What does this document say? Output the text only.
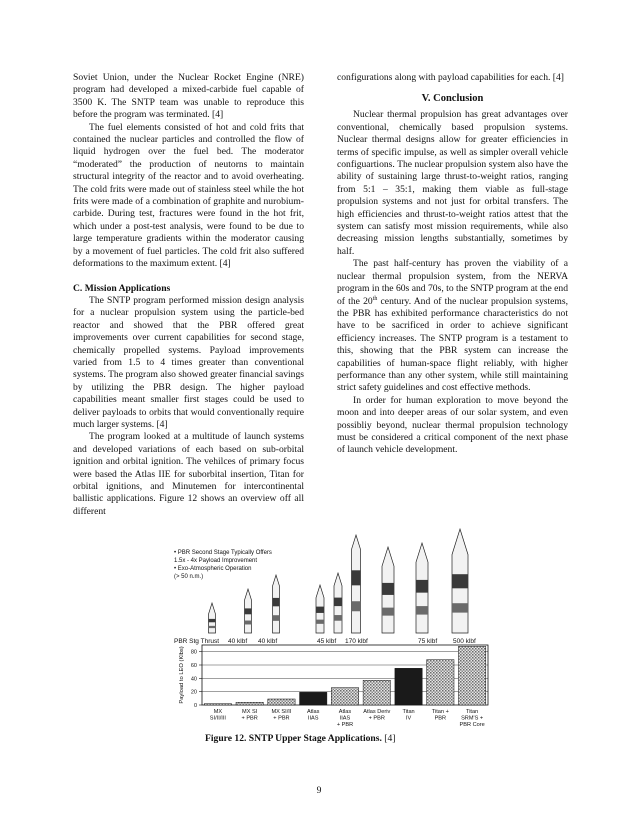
Soviet Union, under the Nuclear Rocket Engine (NRE) program had developed a mixed-carbide fuel capable of 3500 K. The SNTP team was unable to reproduce this before the program was terminated. [4]

The fuel elements consisted of hot and cold frits that contained the nuclear particles and controlled the flow of liquid hydrogen over the fuel bed. The moderator “moderated” the production of neutorns to maintain structural integrity of the reactor and to avoid overheating. The cold frits were made out of stainless steel while the hot frits were made of a combination of graphite and nurobium-carbide. During test, fractures were found in the hot frit, which under a post-test analysis, were found to be due to large temperature gradients within the moderator causing by a movement of fuel particles. The cold frit also suffered deformations to the maximum extent. [4]

C. Mission Applications

The SNTP program performed mission design analysis for a nuclear propulsion system using the particle-bed reactor and showed that the PBR offered great improvements over current capabilities for second stage, chemically propelled systems. Payload improvements varied from 1.5 to 4 times greater than conventional systems. The program also showed greater financial savings by utilizing the PBR design. The higher payload capabilities meant smaller first stages could be used to deliver payloads to orbits that would conventionally require much larger systems. [4]

The program looked at a multitude of launch systems and developed variations of each based on sub-orbital ignition and orbital ignition. The vehilces of primary focus were based the Atlas IIE for suborbital insertion, Titan for orbital ignitions, and Minutemen for intercontinental ballistic applications. Figure 12 shows an overview off all different

configurations along with payload capabilities for each. [4]

V. Conclusion

Nuclear thermal propulsion has great advantages over conventional, chemically based propulsion systems. Nuclear thermal designs allow for greater efficiencies in terms of specific impulse, as well as simpler overall vehicle configuartions. The nuclear propulsion system also have the ability of sustaining large thrust-to-weight ratios, ranging from 5:1 – 35:1, making them viable as full-stage propulsion systems and not just for orbital transfers. The high efficiencies and thrust-to-weight ratios attest that the system can satisfy most mission requirements, while also decreasing mission lengths substantially, sometimes by half.

The past half-century has proven the viability of a nuclear thermal propulsion system, from the NERVA program in the 60s and 70s, to the SNTP program at the end of the 20th century. And of the nuclear propulsion systems, the PBR has exhibited performance characteristics do not have to be sacrificed in order to achieve significant efficiency increases. The SNTP program is a testament to this, showing that the PBR system can increase the capabilities of human-space flight reliably, with higher performance than any other system, while still maintaining strict safety guidelines and cost effective methods.

In order for human exploration to move beyond the moon and into deeper areas of our solar system, and even possibliy beyond, nuclear thermal propulsion technology must be considered a critical component of the next phase of launch vehicle development.

• PBR Second Stage Typically Offers
1.5x - 4x Payload Improvement
• Exo-Atmospheric Operation
(> 50 n.m.)
PBR Stg Thrust 40 klbf 40 klbf	45 klbf 170 klbf	75 klbf 500 klbf
0
20
40
60
80
Payload to LEO (Klbs)
MX
SI/II/III
MX SI
+ PBR
MX SI/II
+ PBR
Atlas
IIAS
Atlas
IIAS
+ PBR
Atlas Deriv
+ PBR
Titan
IV
Titan +
PBR
Titan
SRM'S +
PBR Core
Figure 12. SNTP Upper Stage Applications. [4]
9
